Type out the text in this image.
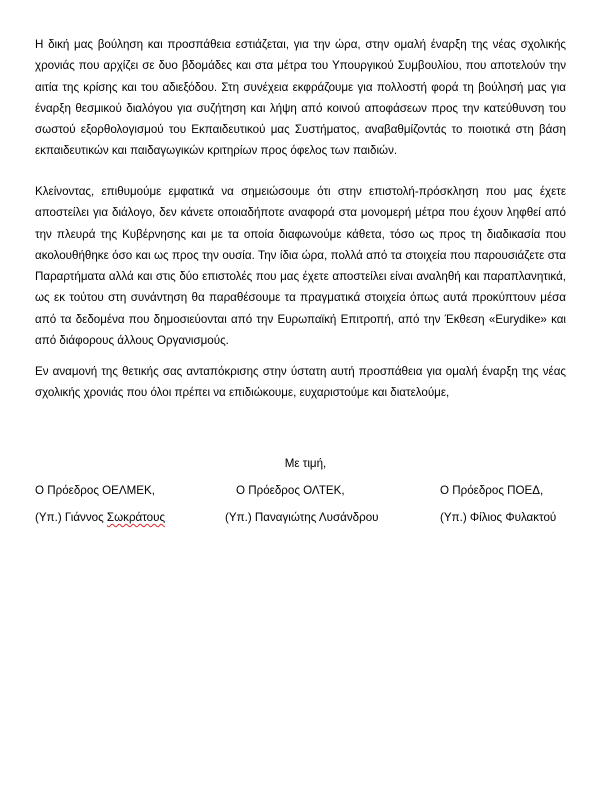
Η δική μας βούληση και προσπάθεια εστιάζεται, για την ώρα, στην ομαλή έναρξη της νέας σχολικής χρονιάς που αρχίζει σε δυο βδομάδες και στα μέτρα του Υπουργικού Συμβουλίου, που αποτελούν την αιτία της κρίσης και του αδιεξόδου. Στη συνέχεια εκφράζουμε για πολλοστή φορά τη βούλησή μας για έναρξη θεσμικού διαλόγου για συζήτηση και λήψη από κοινού αποφάσεων προς την κατεύθυνση του σωστού εξορθολογισμού του Εκπαιδευτικού μας Συστήματος, αναβαθμίζοντάς το ποιοτικά στη βάση εκπαιδευτικών και παιδαγωγικών κριτηρίων προς όφελος των παιδιών.

Κλείνοντας, επιθυμούμε εμφατικά να σημειώσουμε ότι στην επιστολή-πρόσκληση που μας έχετε αποστείλει για διάλογο, δεν κάνετε οποιαδήποτε αναφορά στα μονομερή μέτρα που έχουν ληφθεί από την πλευρά της Κυβέρνησης και με τα οποία διαφωνούμε κάθετα, τόσο ως προς τη διαδικασία που ακολουθήθηκε όσο και ως προς την ουσία. Την ίδια ώρα, πολλά από τα στοιχεία που παρουσιάζετε στα Παραρτήματα αλλά και στις δύο επιστολές που μας έχετε αποστείλει είναι αναληθή και παραπλανητικά, ως εκ τούτου στη συνάντηση θα παραθέσουμε τα πραγματικά στοιχεία όπως αυτά προκύπτουν μέσα από τα δεδομένα που δημοσιεύονται από την Ευρωπαϊκή Επιτροπή, από την Έκθεση «Eurydike» και από διάφορους άλλους Οργανισμούς.

Εν αναμονή της θετικής σας ανταπόκρισης στην ύστατη αυτή προσπάθεια για ομαλή έναρξη της νέας σχολικής χρονιάς που όλοι πρέπει να επιδιώκουμε, ευχαριστούμε και διατελούμε,

Με τιμή,
Ο Πρόεδρος ΟΕΛΜΕΚ,	Ο Πρόεδρος ΟΛΤΕΚ,	Ο Πρόεδρος ΠΟΕΔ,
(Υπ.) Γιάννος Σωκράτους	(Υπ.) Παναγιώτης Λυσάνδρου	(Υπ.) Φίλιος Φυλακτού
